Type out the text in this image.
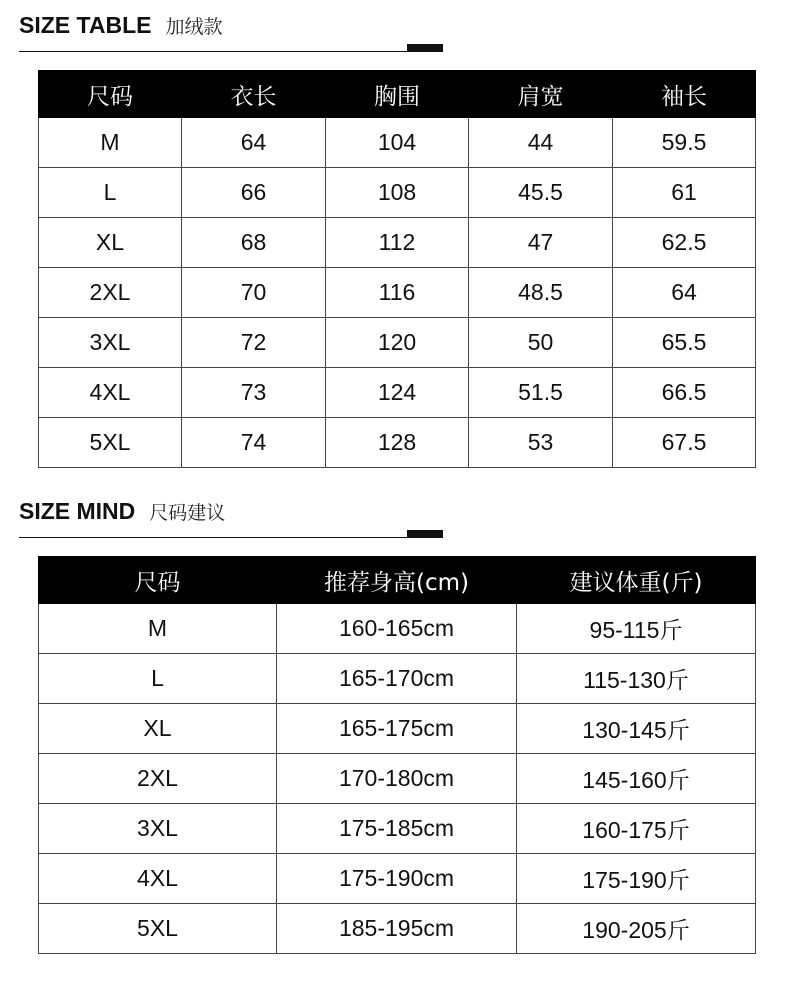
SIZE TABLE 加绒款
尺码	衣长	胸围	肩宽	袖长
M	64	104	44	59.5
L	66	108	45.5	61
XL	68	112	47	62.5
2XL	70	116	48.5	64
3XL	72	120	50	65.5
4XL	73	124	51.5	66.5
5XL	74	128	53	67.5
SIZE MIND 尺码建议
尺码	推荐身高(cm)	建议体重(斤)
M	160-165cm	95-115斤
L	165-170cm	115-130斤
XL	165-175cm	130-145斤
2XL	170-180cm	145-160斤
3XL	175-185cm	160-175斤
4XL	175-190cm	175-190斤
5XL	185-195cm	190-205斤
